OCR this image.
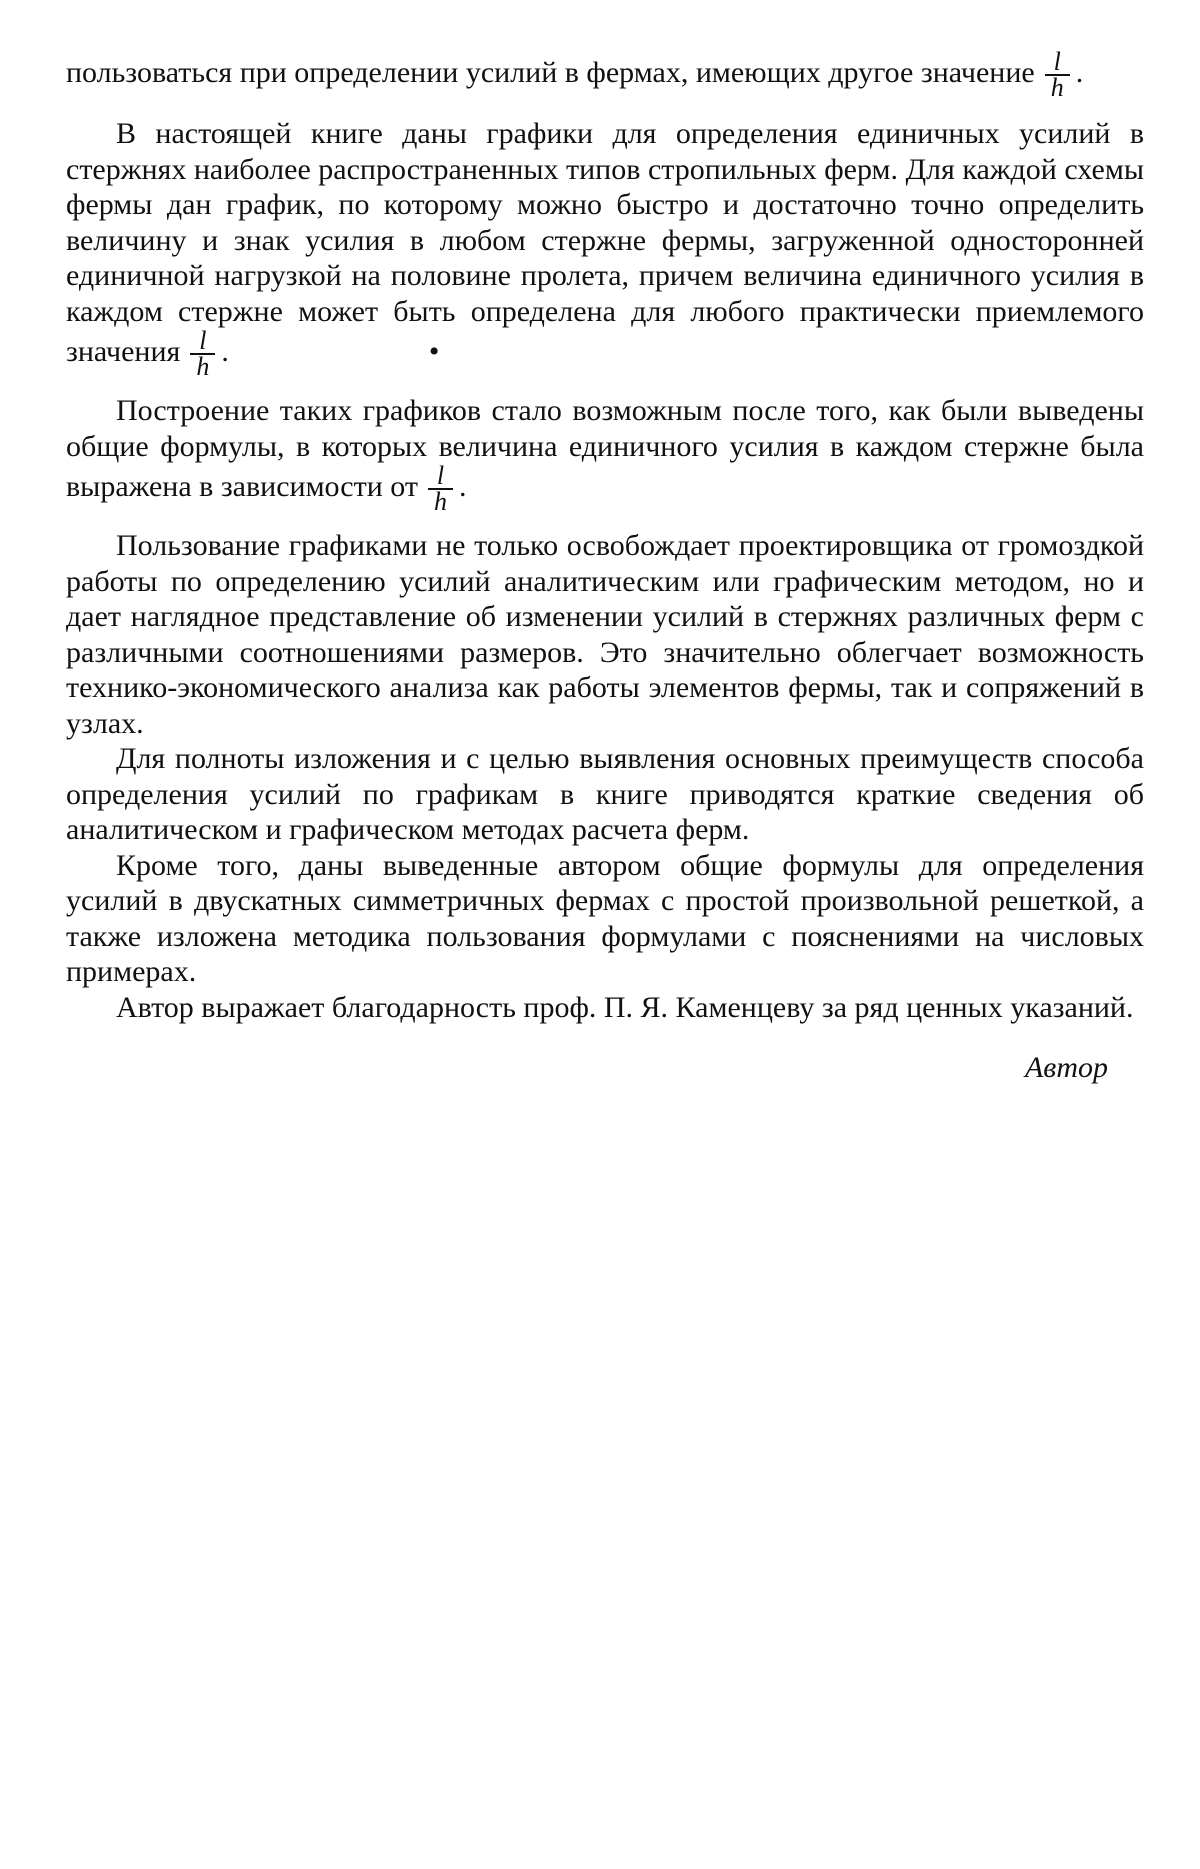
пользоваться при определении усилий в фермах, имеющих другое значение $\frac{l}{h}$ .

В настоящей книге даны графики для определения единичных усилий в стержнях наиболее распространенных типов стропильных ферм. Для каждой схемы фермы дан график, по которому можно быстро и достаточно точно определить величину и знак усилия в любом стержне фермы, загруженной односторонней единичной нагрузкой на половине пролета, причем величина единичного усилия в каждом стержне может быть определена для любого практически приемлемого значения $\frac{l}{h}$ .	•

Построение таких графиков стало возможным после того, как были выведены общие формулы, в которых величина единичного усилия в каждом стержне была выражена в зависимости от $\frac{l}{h}$ .

Пользование графиками не только освобождает проектировщика от громоздкой работы по определению усилий аналитическим или графическим методом, но и дает наглядное представление об изменении усилий в стержнях различных ферм с различными соотношениями размеров. Это значительно облегчает возможность технико-экономического анализа как работы элементов фермы, так и сопряжений в узлах.

Для полноты изложения и с целью выявления основных преимуществ способа определения усилий по графикам в книге приводятся краткие сведения об аналитическом и графическом методах расчета ферм.

Кроме того, даны выведенные автором общие формулы для определения усилий в двускатных симметричных фермах с простой произвольной решеткой, а также изложена методика пользования формулами с пояснениями на числовых примерах.

Автор выражает благодарность проф. П. Я. Каменцеву за ряд ценных указаний.

Автор
